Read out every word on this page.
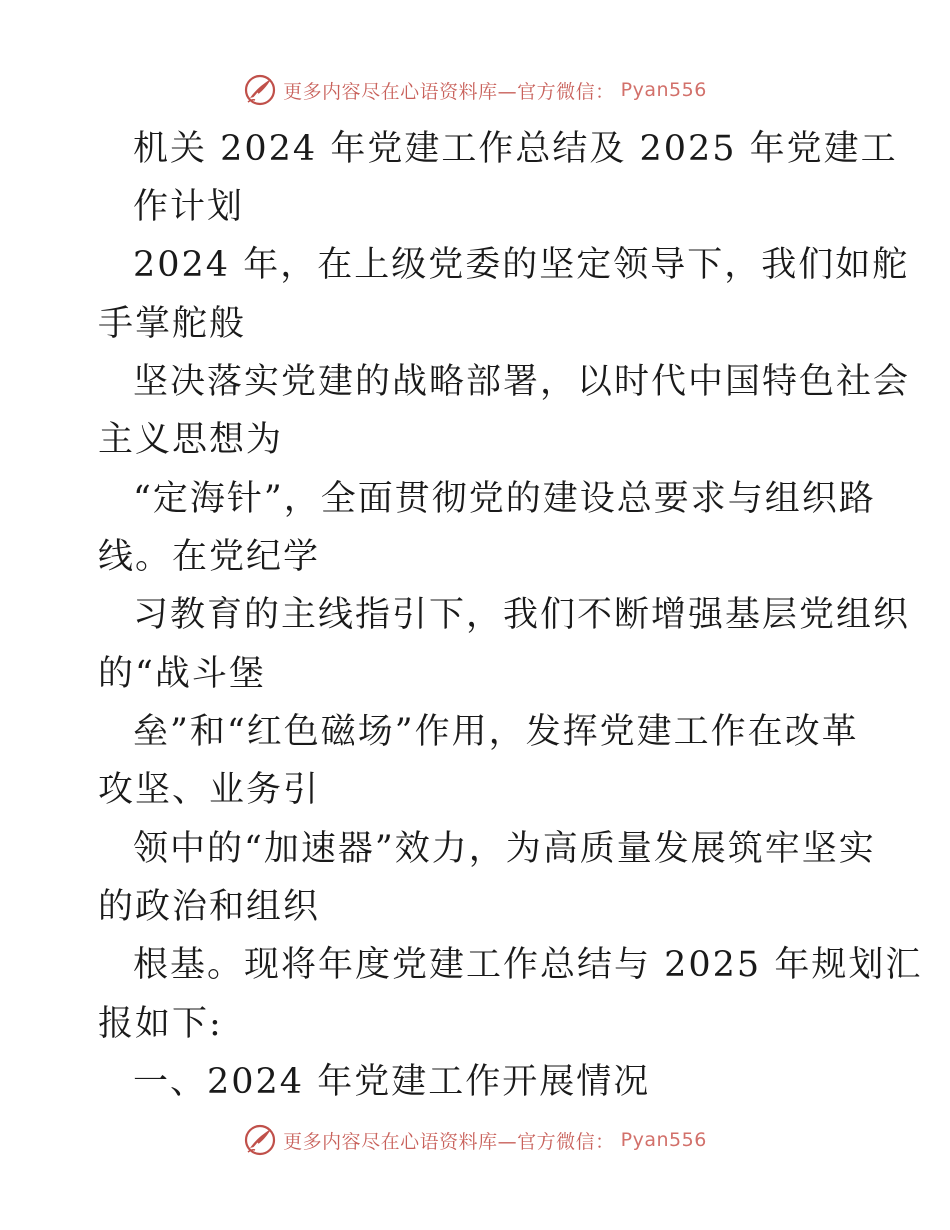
更多内容尽在心语资料库—官方微信： Pyan556
机关 2024 年党建工作总结及 2025 年党建工
作计划
2024 年，在上级党委的坚定领导下，我们如舵
手掌舵般
坚决落实党建的战略部署，以时代中国特色社会
主义思想为
“定海针”，全面贯彻党的建设总要求与组织路
线。在党纪学
习教育的主线指引下，我们不断增强基层党组织
的“战斗堡
垒”和“红色磁场”作用，发挥党建工作在改革
攻坚、业务引
领中的“加速器”效力，为高质量发展筑牢坚实
的政治和组织
根基。现将年度党建工作总结与 2025 年规划汇
报如下:
一、2024 年党建工作开展情况
更多内容尽在心语资料库—官方微信： Pyan556
